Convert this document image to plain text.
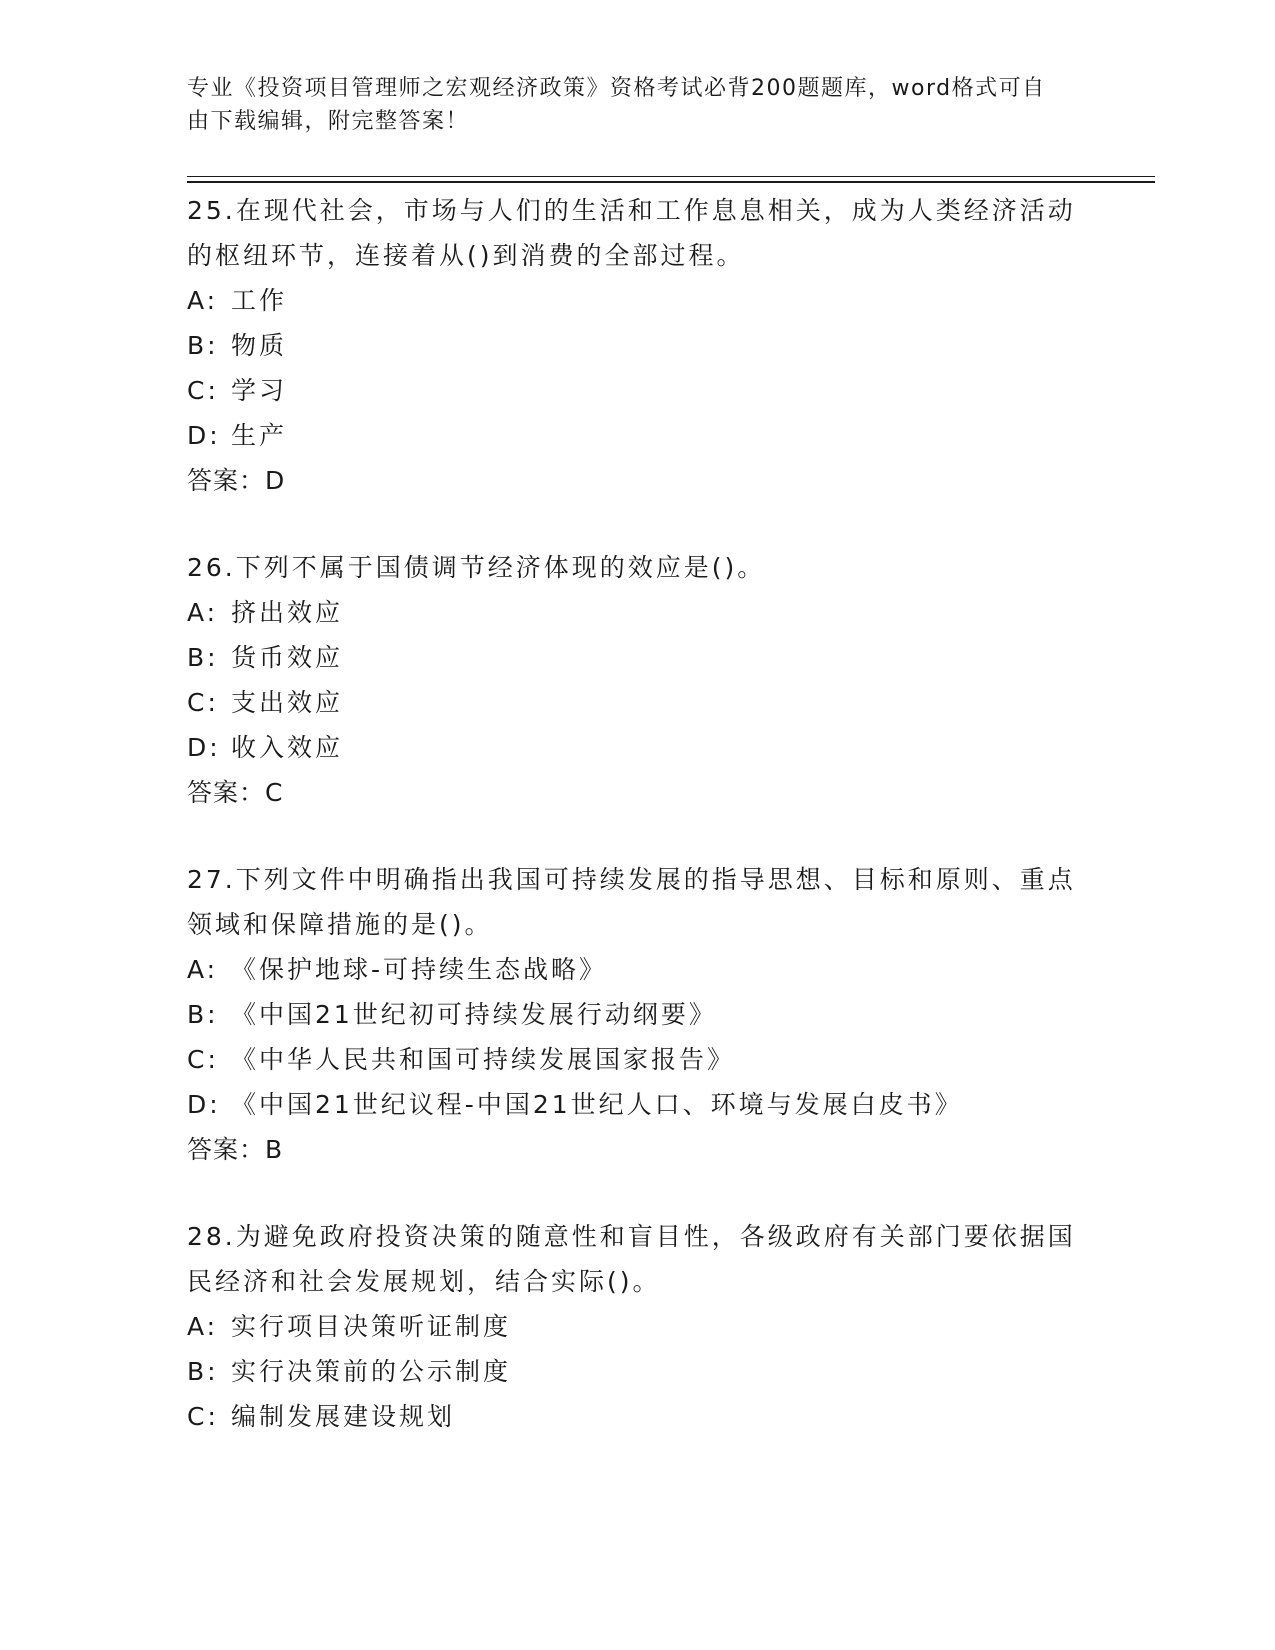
专业《投资项目管理师之宏观经济政策》资格考试必背200题题库，word格式可自由下载编辑，附完整答案！

25.在现代社会，市场与人们的生活和工作息息相关，成为人类经济活动的枢纽环节，连接着从()到消费的全部过程。

A: 工作
B: 物质
C: 学习
D: 生产
答案：D

26.下列不属于国债调节经济体现的效应是()。

A: 挤出效应
B: 货币效应
C: 支出效应
D: 收入效应
答案：C

27.下列文件中明确指出我国可持续发展的指导思想、目标和原则、重点领域和保障措施的是()。

A: 《保护地球-可持续生态战略》
B: 《中国21世纪初可持续发展行动纲要》
C: 《中华人民共和国可持续发展国家报告》
D: 《中国21世纪议程-中国21世纪人口、环境与发展白皮书》
答案：B

28.为避免政府投资决策的随意性和盲目性，各级政府有关部门要依据国民经济和社会发展规划，结合实际()。

A: 实行项目决策听证制度
B: 实行决策前的公示制度
C: 编制发展建设规划
